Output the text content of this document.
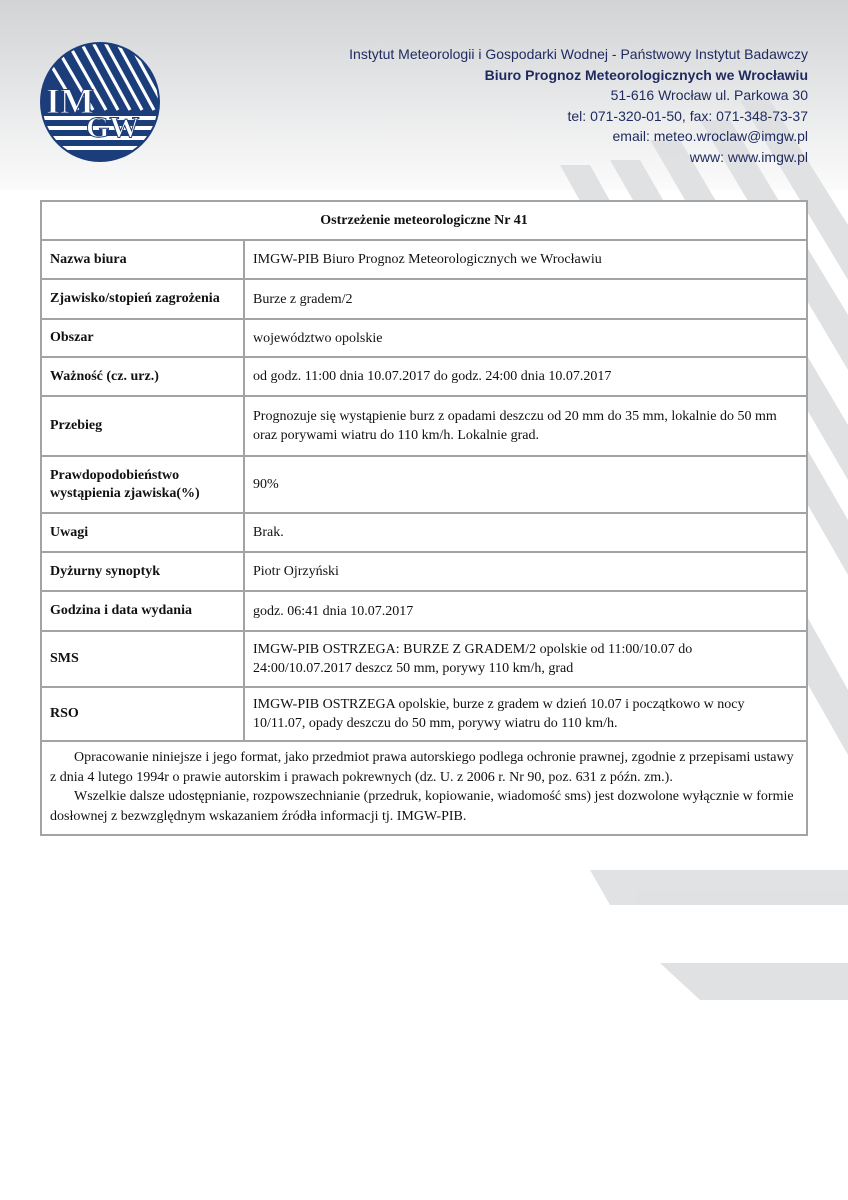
IM
GW
Instytut Meteorologii i Gospodarki Wodnej - Państwowy Instytut Badawczy
Biuro Prognoz Meteorologicznych we Wrocławiu
51-616 Wrocław ul. Parkowa 30
tel: 071-320-01-50, fax: 071-348-73-37
email: meteo.wroclaw@imgw.pl
www: www.imgw.pl
Ostrzeżenie meteorologiczne Nr 41	
Nazwa biura	IMGW-PIB Biuro Prognoz Meteorologicznych we Wrocławiu
Zjawisko/stopień zagrożenia	Burze z gradem/2
Obszar	województwo opolskie
Ważność (cz. urz.)	od godz. 11:00 dnia 10.07.2017 do godz. 24:00 dnia 10.07.2017
Przebieg	Prognozuje się wystąpienie burz z opadami deszczu od 20 mm do 35 mm, lokalnie do 50 mm
oraz porywami wiatru do 110 km/h. Lokalnie grad.

Prawdopodobieństwo
wystąpienia zjawiska(%)	90%
Uwagi	Brak.
Dyżurny synoptyk	Piotr Ojrzyński
Godzina i data wydania	godz. 06:41 dnia 10.07.2017
SMS	IMGW-PIB OSTRZEGA: BURZE Z GRADEM/2 opolskie od 11:00/10.07 do
24:00/10.07.2017 deszcz 50 mm, porywy 110 km/h, grad

RSO	IMGW-PIB OSTRZEGA opolskie, burze z gradem w dzień 10.07 i początkowo w nocy
10/11.07, opady deszczu do 50 mm, porywy wiatru do 110 km/h.

Opracowanie niniejsze i jego format, jako przedmiot prawa autorskiego podlega ochronie prawnej, zgodnie z przepisami ustawy z dnia 4 lutego 1994r o prawie autorskim i prawach pokrewnych (dz. U. z 2006 r. Nr 90, poz. 631 z późn. zm.).

Wszelkie dalsze udostępnianie, rozpowszechnianie (przedruk, kopiowanie, wiadomość sms) jest dozwolone wyłącznie w formie dosłownej z bezwzględnym wskazaniem źródła informacji tj. IMGW-PIB.	
